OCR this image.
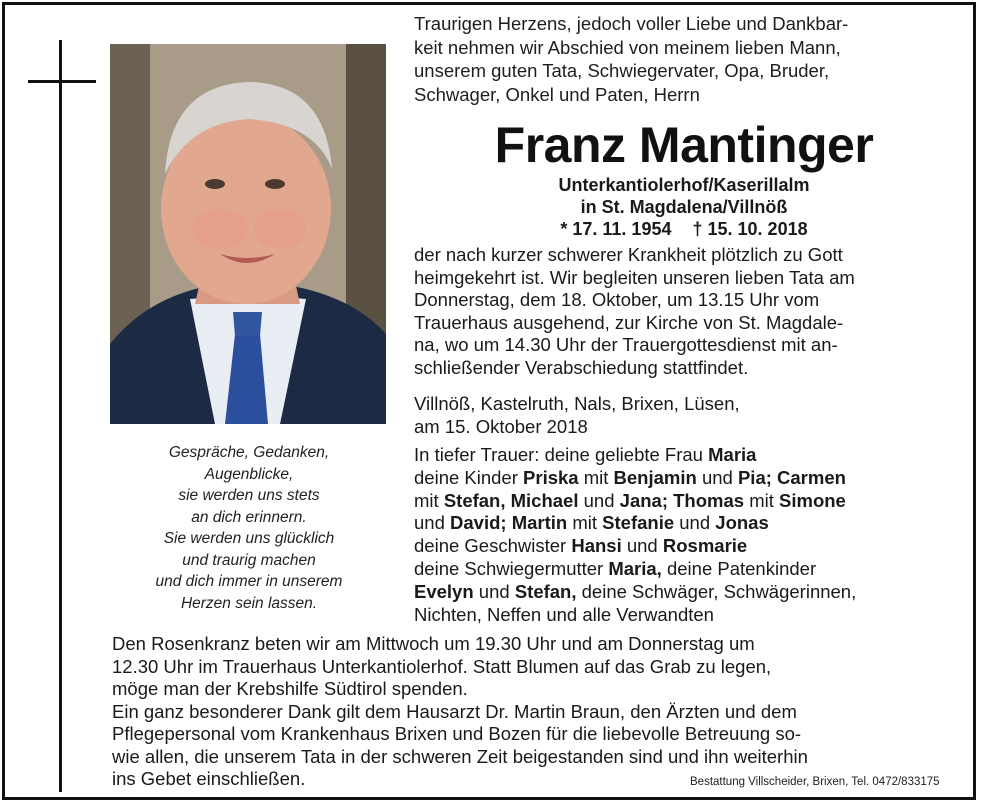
Gespräche, Gedanken,
Augenblicke,
sie werden uns stets
an dich erinnern.
Sie werden uns glücklich
und traurig machen
und dich immer in unserem
Herzen sein lassen.
Traurigen Herzens, jedoch voller Liebe und Dankbar-
keit nehmen wir Abschied von meinem lieben Mann,
unserem guten Tata, Schwiegervater, Opa, Bruder,
Schwager, Onkel und Paten, Herrn
Franz Mantinger
Unterkantiolerhof/Kaserillalm
in St. Magdalena/Villnöß
* 17. 11. 1954 † 15. 10. 2018
der nach kurzer schwerer Krankheit plötzlich zu Gott
heimgekehrt ist. Wir begleiten unseren lieben Tata am
Donnerstag, dem 18. Oktober, um 13.15 Uhr vom
Trauerhaus ausgehend, zur Kirche von St. Magdale-
na, wo um 14.30 Uhr der Trauergottesdienst mit an-
schließender Verabschiedung stattfindet.
Villnöß, Kastelruth, Nals, Brixen, Lüsen,
am 15. Oktober 2018
In tiefer Trauer: deine geliebte Frau Maria
deine Kinder Priska mit Benjamin und Pia; Carmen
mit Stefan, Michael und Jana; Thomas mit Simone
und David; Martin mit Stefanie und Jonas
deine Geschwister Hansi und Rosmarie
deine Schwiegermutter Maria, deine Patenkinder
Evelyn und Stefan, deine Schwäger, Schwägerinnen,
Nichten, Neffen und alle Verwandten
Den Rosenkranz beten wir am Mittwoch um 19.30 Uhr und am Donnerstag um
12.30 Uhr im Trauerhaus Unterkantiolerhof. Statt Blumen auf das Grab zu legen,
möge man der Krebshilfe Südtirol spenden.
Ein ganz besonderer Dank gilt dem Hausarzt Dr. Martin Braun, den Ärzten und dem
Pflegepersonal vom Krankenhaus Brixen und Bozen für die liebevolle Betreuung so-
wie allen, die unserem Tata in der schweren Zeit beigestanden sind und ihn weiterhin
ins Gebet einschließen.	Bestattung Villscheider, Brixen, Tel. 0472/833175
